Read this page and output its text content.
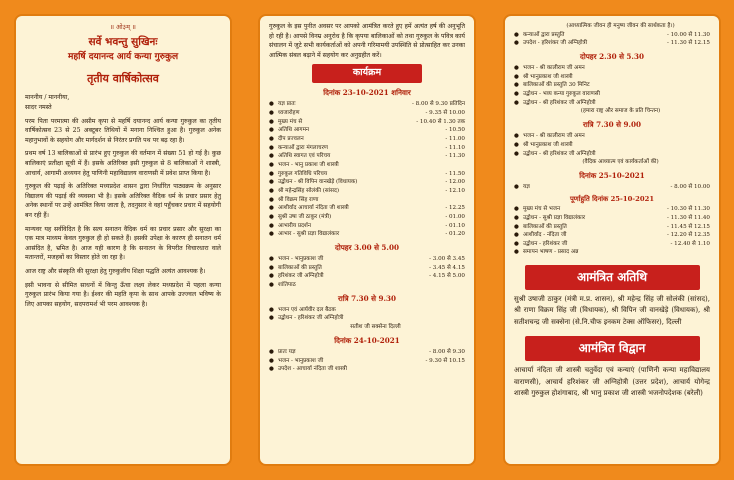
॥ ओ३म् ॥
सर्वे भवन्तु सुखिनः
महर्षि दयानन्द आर्य कन्या गुरुकुल
तृतीय वार्षिकोत्सव
माननीय / माननीया,
सादर नमस्ते
परम पिता परमात्मा की असीम कृपा से महर्षि दयानन्द आर्य कन्या गुरुकुल का तृतीय वार्षिकोत्सव 23 से 25 अक्टूबर तिथियों में मनाना निश्चित हुआ है। गुरुकुल अनेक महानुभावों के सहयोग और मार्गदर्शन से निरंतर प्रगति पथ पर बढ़ रहा है।
प्रथम वर्ष 13 बालिकाओं से प्रारंभ हुए गुरुकुल की वर्तमान में संख्या 51 हो गई है। कुछ बालिकाएं प्रतीक्षा सूची में हैं। इसके अतिरिक्त इसी गुरुकुल से 8 बालिकाओं ने शास्त्री, आचार्य, आगामी अध्ययन हेतु पाणिनी महाविद्यालय वाराणसी में प्रवेश प्राप्त किया है।
गुरुकुल की पढ़ाई के अतिरिक्त मध्यप्रदेश शासन द्वारा निर्धारित पाठ्यक्रम के अनुसार विद्यालय की पढ़ाई की व्यवस्था भी है। इसके अतिरिक्त वैदिक धर्म के प्रचार प्रसार हेतु अनेक स्थानों पर उन्हें आमंत्रित किया जाता है, तदनुसार वे वहां पहुँचकर प्रचार में सहयोगी बन रही हैं।
मान्यवर यह सर्वविदित है कि सत्य सनातन वैदिक धर्म का प्रचार प्रसार और सुरक्षा का एक मात्र माध्यम केवल गुरुकुल ही हो सकते हैं। इसकी उपेक्षा के कारण ही सनातन धर्म आसंदित है, भ्रमित है। आज यही कारण है कि सनातन के विपरीत विचारधारा वाले मतान्तरों, मजहबों का विस्तार होते जा रहा है।
आज राष्ट्र और संस्कृति की सुरक्षा हेतु गुरुकुलीय शिक्षा पद्धति अत्यंत आवश्यक है।
इसी भावना से सीमित साधनों में किन्तु ऊँचा लक्ष्य लेकर मध्यप्रदेश में पहला कन्या गुरुकुल प्रारंभ किया गया है। ईश्वर की महति कृपा के साथ आपके उज्ज्वल भविष्य के लिए आपका सहयोग, सदपरामर्श भी परम आवश्यक है।
गुरुकुल के इस पुनीत अवसर पर आपको आमंत्रित करते हुए हमें अत्यंत हर्ष की अनुभूति हो रही है। आपसे विनम्र अनुरोध है कि कृपया बालिकाओं को तथा गुरुकुल के पवित्र कार्य संचालन में जुटे सभी कार्यकर्ताओं को अपनी गरिमामयी उपस्थिति से प्रोत्साहित कर उनका आत्मिक संबल बढ़ाने में सहयोग कर अनुग्रहीत करें।
कार्यक्रम
दिनांक 23-10-2021 शनिवार
● यज्ञ प्रातः	- 8.00 से 9.30 प्रतिदिन
● ध्वजारोहण	- 9.35 से 10.00
● मुख्य मंच से	- 10.40 से 1.30 तक
● अतिथि आगमन	- 10.50
● दीप प्रज्वलन	- 11.00
● कन्याओं द्वारा मंगलाचरण	- 11.10
● अतिथि स्वागत एवं परिचय	- 11.30
● भजन - भानु प्रकाश जी शास्त्री
● गुरुकुल गतिविधि परिचय	- 11.50
● उद्बोधन - श्री विपिन वानखेड़े (विधायक)	- 12.00
● श्री महेन्द्रसिंह सोलंकी (सांसद)	- 12.10
● श्री विक्रम सिंह राणा
● आशीर्वाद आचार्या नंदिता जी शास्त्री	- 12.25
● सुश्री उषा जी ठाकुर (मंत्री)	- 01.00
● आभारीय प्रदर्शन	- 01.10
● आभार - सुश्री प्रज्ञा विद्यालंकार	- 01.20
दोपहर 3.00 से 5.00
● भजन - भानुप्रकाश जी	- 3.00 से 3.45
● बालिकाओं की प्रस्तुति	- 3.45 से 4.15
● हरिशंकर जी अग्निहोत्री	- 4.15 से 5.00
● शांतिपाठ
रात्रि 7.30 से 9.30
● भजन एवं आर्यवीर दल बैठक
● उद्बोधन - हरिशंकर जी अग्निहोत्री
सतीश जी सक्सेना दिल्ली
दिनांक 24-10-2021
● प्रातः यज्ञ	- 8.00 से 9.30
● भजन - भानुप्रकाश जी	- 9.30 से 10.15
● उपदेश - आचार्या नंदिता जी शास्त्री
(आध्यात्मिक जीवन ही मनुष्य जीवन की सार्थकता है।)
● कन्याओं द्वारा प्रस्तुति	- 10.00 से 11.30
● उपदेश - हरिशंकर जी अग्निहोत्री	- 11.30 से 12.15
दोपहर 2.30 से 5.30
● भजन - श्री कालीराम जी अमन
● श्री भानुप्रकाश जी शास्त्री
● बालिकाओं की प्रस्तुति 30 मिनिट
● उद्बोधन - भव्य कन्या गुरुकुल वाराणसी
● उद्बोधन - श्री हरिशंकर जी अग्निहोत्री
(हमारा राष्ट्र और समाज के प्रति चिन्तन)
रात्रि 7.30 से 9.00
● भजन - श्री कालीराम जी अमन
● श्री भानुप्रकाश जी शास्त्री
● उद्बोधन - श्री हरिशंकर जी अग्निहोत्री
(वैदिक आध्यात्म एवं कार्यकर्ताओं की)
दिनांक 25-10-2021
● यज्ञ	- 8.00 से 10.00
पूर्णाहुति दिनांक 25-10-2021
● मुख्य मंच से भजन	- 10.30 से 11.30
● उद्बोधन - सुश्री प्रज्ञा विद्यालंकार	- 11.30 से 11.40
● बालिकाओं की प्रस्तुति	- 11.45 से 12.15
● आशीर्वाद - नंदिता जी	- 12.20 से 12.35
● उद्बोधन - हरिशंकर जी	- 12.40 से 1.10
● समापन भाषण - प्रसाद अन्न
आमंत्रित अतिथि
सुश्री उषाजी ठाकुर (मंत्री म.प्र. शासन), श्री महेन्द्र सिंह जी सोलंकी (सांसद), श्री राणा विक्रम सिंह जी (विधायक), श्री विपिन जी वानखेड़े (विधायक), श्री सतीशचन्द्र जी सक्सेना (से.नि.चीफ इनकम टेक्स ऑफिसर), दिल्ली
आमंत्रित विद्वान
आचार्या नंदिता जी शास्त्री चतुर्वेदा एवं कन्याएं (पाणिनी कन्या महाविद्यालय वाराणसी), आचार्य हरिशंकर जी अग्निहोत्री (उत्तर प्रदेश), आचार्य योगेन्द्र शास्त्री गुरुकुल होशंगाबाद, श्री भानु प्रकाश जी शास्त्री भजनोपदेशक (बरेली)
